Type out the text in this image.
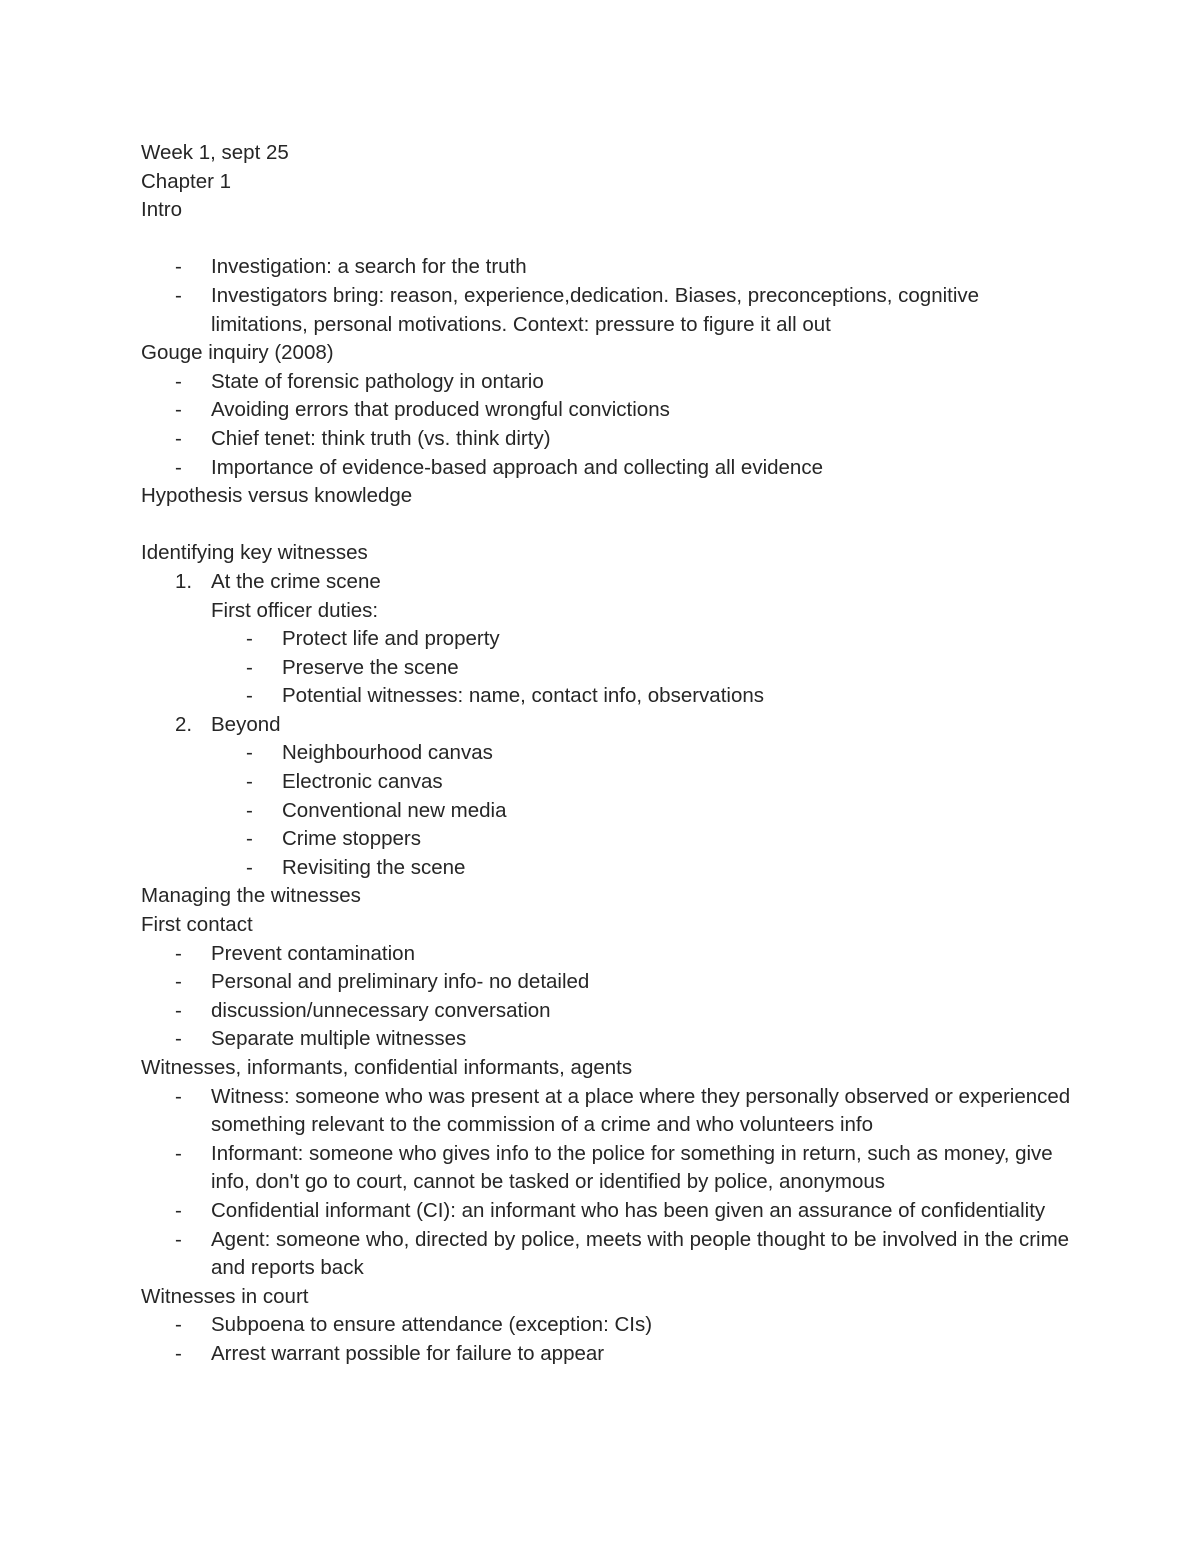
Week 1, sept 25
Chapter 1
Intro
-	Investigation: a search for the truth
-	Investigators bring: reason, experience,dedication. Biases, preconceptions, cognitive limitations, personal motivations. Context: pressure to figure it all out
Gouge inquiry (2008)
-	State of forensic pathology in ontario
-	Avoiding errors that produced wrongful convictions
-	Chief tenet: think truth (vs. think dirty)
-	Importance of evidence-based approach and collecting all evidence
Hypothesis versus knowledge
Identifying key witnesses
1. At the crime scene
First officer duties:
-	Protect life and property
-	Preserve the scene
-	Potential witnesses: name, contact info, observations
2. Beyond
-	Neighbourhood canvas
-	Electronic canvas
-	Conventional new media
-	Crime stoppers
-	Revisiting the scene
Managing the witnesses
First contact
-	Prevent contamination
-	Personal and preliminary info- no detailed
-	discussion/unnecessary conversation
-	Separate multiple witnesses
Witnesses, informants, confidential informants, agents
-	Witness: someone who was present at a place where they personally observed or experienced something relevant to the commission of a crime and who volunteers info
-	Informant: someone who gives info to the police for something in return, such as money, give info, don't go to court, cannot be tasked or identified by police, anonymous
-	Confidential informant (CI): an informant who has been given an assurance of confidentiality
-	Agent: someone who, directed by police, meets with people thought to be involved in the crime and reports back
Witnesses in court
-	Subpoena to ensure attendance (exception: CIs)
-	Arrest warrant possible for failure to appear
